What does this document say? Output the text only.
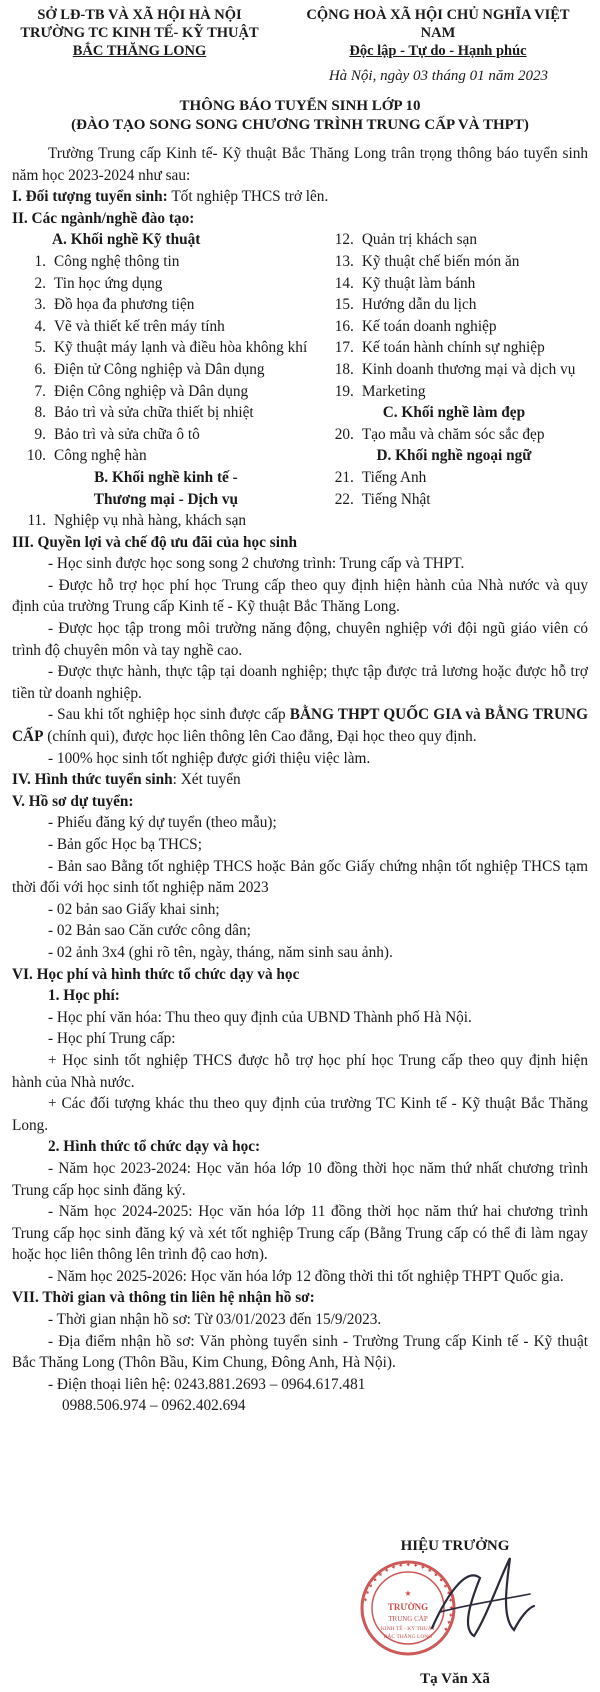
SỞ LĐ-TB VÀ XÃ HỘI HÀ NỘI
TRƯỜNG TC KINH TẾ- KỸ THUẬT
BẮC THĂNG LONG
CỘNG HOÀ XÃ HỘI CHỦ NGHĨA VIỆT NAM
Độc lập - Tự do - Hạnh phúc
Hà Nội, ngày 03 tháng 01 năm 2023
THÔNG BÁO TUYỂN SINH LỚP 10
(ĐÀO TẠO SONG SONG CHƯƠNG TRÌNH TRUNG CẤP VÀ THPT)

Trường Trung cấp Kinh tế- Kỹ thuật Bắc Thăng Long trân trọng thông báo tuyển sinh năm học 2023-2024 như sau:

I. Đối tượng tuyển sinh: Tốt nghiệp THCS trở lên.

II. Các ngành/nghề đào tạo:

A. Khối nghề Kỹ thuật
1. Công nghệ thông tin
2. Tin học ứng dụng
3. Đồ họa đa phương tiện
4. Vẽ và thiết kế trên máy tính
5. Kỹ thuật máy lạnh và điều hòa không khí
6. Điện tử Công nghiệp và Dân dụng
7. Điện Công nghiệp và Dân dụng
8. Bảo trì và sửa chữa thiết bị nhiệt
9. Bảo trì và sửa chữa ô tô
10. Công nghệ hàn
B. Khối nghề kinh tế -
Thương mại - Dịch vụ
11. Nghiệp vụ nhà hàng, khách sạn
12. Quản trị khách sạn
13. Kỹ thuật chế biến món ăn
14. Kỹ thuật làm bánh
15. Hướng dẫn du lịch
16. Kế toán doanh nghiệp
17. Kế toán hành chính sự nghiệp
18. Kinh doanh thương mại và dịch vụ
19. Marketing
C. Khối nghề làm đẹp
20. Tạo mẫu và chăm sóc sắc đẹp
D. Khối nghề ngoại ngữ
21. Tiếng Anh
22. Tiếng Nhật

III. Quyền lợi và chế độ ưu đãi của học sinh

- Học sinh được học song song 2 chương trình: Trung cấp và THPT.

- Được hỗ trợ học phí học Trung cấp theo quy định hiện hành của Nhà nước và quy định của trường Trung cấp Kinh tế - Kỹ thuật Bắc Thăng Long.

- Được học tập trong môi trường năng động, chuyên nghiệp với đội ngũ giáo viên có trình độ chuyên môn và tay nghề cao.

- Được thực hành, thực tập tại doanh nghiệp; thực tập được trả lương hoặc được hỗ trợ tiền từ doanh nghiệp.

- Sau khi tốt nghiệp học sinh được cấp BẰNG THPT QUỐC GIA và BẰNG TRUNG CẤP (chính qui), được học liên thông lên Cao đẳng, Đại học theo quy định.

- 100% học sinh tốt nghiệp được giới thiệu việc làm.

IV. Hình thức tuyển sinh: Xét tuyển

V. Hồ sơ dự tuyển:

- Phiếu đăng ký dự tuyển (theo mẫu);

- Bản gốc Học bạ THCS;

- Bản sao Bằng tốt nghiệp THCS hoặc Bản gốc Giấy chứng nhận tốt nghiệp THCS tạm thời đối với học sinh tốt nghiệp năm 2023

- 02 bản sao Giấy khai sinh;

- 02 Bản sao Căn cước công dân;

- 02 ảnh 3x4 (ghi rõ tên, ngày, tháng, năm sinh sau ảnh).

VI. Học phí và hình thức tổ chức dạy và học

1. Học phí:

- Học phí văn hóa: Thu theo quy định của UBND Thành phố Hà Nội.

- Học phí Trung cấp:

+ Học sinh tốt nghiệp THCS được hỗ trợ học phí học Trung cấp theo quy định hiện hành của Nhà nước.

+ Các đối tượng khác thu theo quy định của trường TC Kinh tế - Kỹ thuật Bắc Thăng Long.

2. Hình thức tổ chức dạy và học:

- Năm học 2023-2024: Học văn hóa lớp 10 đồng thời học năm thứ nhất chương trình Trung cấp học sinh đăng ký.

- Năm học 2024-2025: Học văn hóa lớp 11 đồng thời học năm thứ hai chương trình Trung cấp học sinh đăng ký và xét tốt nghiệp Trung cấp (Bằng Trung cấp có thể đi làm ngay hoặc học liên thông lên trình độ cao hơn).

- Năm học 2025-2026: Học văn hóa lớp 12 đồng thời thi tốt nghiệp THPT Quốc gia.

VII. Thời gian và thông tin liên hệ nhận hồ sơ:

- Thời gian nhận hồ sơ: Từ 03/01/2023 đến 15/9/2023.

- Địa điểm nhận hồ sơ: Văn phòng tuyển sinh - Trường Trung cấp Kinh tế - Kỹ thuật Bắc Thăng Long (Thôn Bầu, Kim Chung, Đông Anh, Hà Nội).

- Điện thoại liên hệ: 0243.881.2693 – 0964.617.481

0988.506.974 – 0962.402.694

HIỆU TRƯỞNG
✦ ✦ ✦ ✦ ✦ ✦ ✦ ✦ ✦ ✦ ✦ ✦ ✦ ✦ ✦ ✦ ✦ ✦ ✦ ✦ ✦
★
TRƯỜNG
TRUNG CẤP
KINH TẾ - KỸ THUẬT
BẮC THĂNG LONG
Tạ Văn Xã
